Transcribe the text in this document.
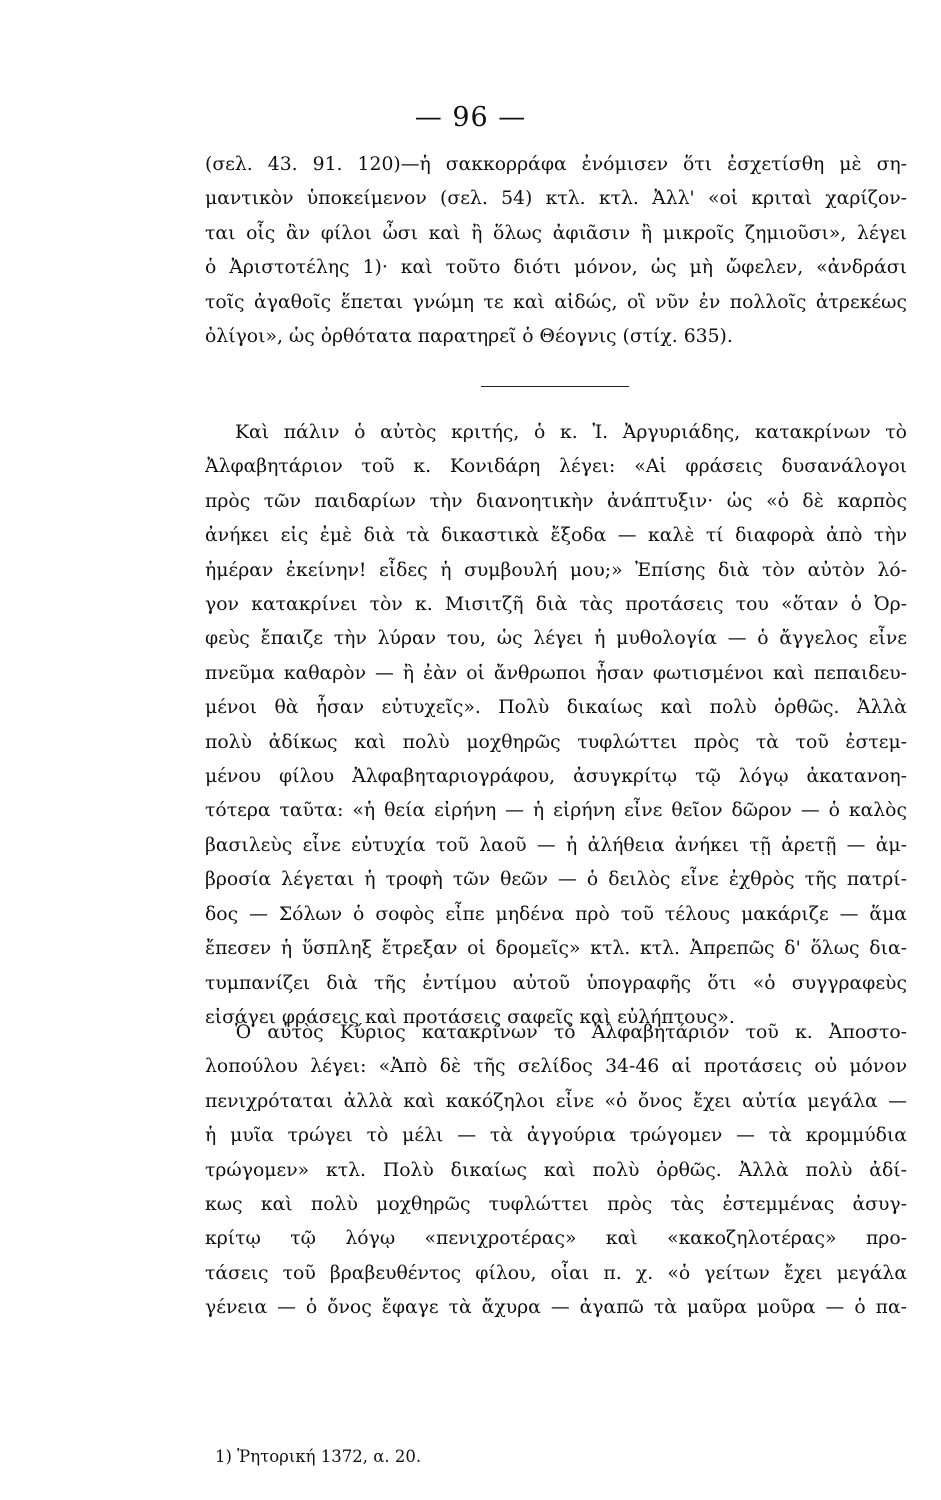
— 96 —
(σελ. 43. 91. 120)—ἡ σακκορράφα ἐνόμισεν ὅτι ἐσχετίσθη μὲ ση-
μαντικὸν ὑποκείμενον (σελ. 54) κτλ. κτλ. Ἀλλ' «οἱ κριταὶ χαρίζον-
ται οἷς ἂν φίλοι ὦσι καὶ ἢ ὅλως ἀφιᾶσιν ἢ μικροῖς ζημιοῦσι», λέγει
ὁ Ἀριστοτέλης 1)· καὶ τοῦτο διότι μόνον, ὡς μὴ ὤφελεν, «ἀνδράσι
τοῖς ἀγαθοῖς ἕπεται γνώμη τε καὶ αἰδώς, οἳ νῦν ἐν πολλοῖς ἀτρεκέως
ὀλίγοι», ὡς ὀρθότατα παρατηρεῖ ὁ Θέογνις (στίχ. 635).
Καὶ πάλιν ὁ αὐτὸς κριτής, ὁ κ. Ἰ. Ἀργυριάδης, κατακρίνων τὸ
Ἀλφαβητάριον τοῦ κ. Κονιδάρη λέγει: «Αἱ φράσεις δυσανάλογοι
πρὸς τῶν παιδαρίων τὴν διανοητικὴν ἀνάπτυξιν· ὡς «ὁ δὲ καρπὸς
ἀνήκει εἰς ἐμὲ διὰ τὰ δικαστικὰ ἔξοδα — καλὲ τί διαφορὰ ἀπὸ τὴν
ἡμέραν ἐκείνην! εἶδες ἡ συμβουλή μου;» Ἐπίσης διὰ τὸν αὐτὸν λό-
γον κατακρίνει τὸν κ. Μισιτζῆ διὰ τὰς προτάσεις του «ὅταν ὁ Ὀρ-
φεὺς ἔπαιζε τὴν λύραν του, ὡς λέγει ἡ μυθολογία — ὁ ἄγγελος εἶνε
πνεῦμα καθαρὸν — ἢ ἐὰν οἱ ἄνθρωποι ἦσαν φωτισμένοι καὶ πεπαιδευ-
μένοι θὰ ἦσαν εὐτυχεῖς». Πολὺ δικαίως καὶ πολὺ ὀρθῶς. Ἀλλὰ
πολὺ ἀδίκως καὶ πολὺ μοχθηρῶς τυφλώττει πρὸς τὰ τοῦ ἐστεμ-
μένου φίλου Ἀλφαβηταριογράφου, ἀσυγκρίτῳ τῷ λόγῳ ἀκατανοη-
τότερα ταῦτα: «ἡ θεία εἰρήνη — ἡ εἰρήνη εἶνε θεῖον δῶρον — ὁ καλὸς
βασιλεὺς εἶνε εὐτυχία τοῦ λαοῦ — ἡ ἀλήθεια ἀνήκει τῇ ἀρετῇ — ἀμ-
βροσία λέγεται ἡ τροφὴ τῶν θεῶν — ὁ δειλὸς εἶνε ἐχθρὸς τῆς πατρί-
δος — Σόλων ὁ σοφὸς εἶπε μηδένα πρὸ τοῦ τέλους μακάριζε — ἅμα
ἔπεσεν ἡ ὕσπληξ ἔτρεξαν οἱ δρομεῖς» κτλ. κτλ. Ἀπρεπῶς δ' ὅλως δια-
τυμπανίζει διὰ τῆς ἐντίμου αὐτοῦ ὑπογραφῆς ὅτι «ὁ συγγραφεὺς
εἰσάγει φράσεις καὶ προτάσεις σαφεῖς καὶ εὐλήπτους».
Ὁ αὐτὸς Κύριος κατακρίνων τὸ Ἀλφαβητάριον τοῦ κ. Ἀποστο-
λοπούλου λέγει: «Ἀπὸ δὲ τῆς σελίδος 34-46 αἱ προτάσεις οὐ μόνον
πενιχρόταται ἀλλὰ καὶ κακόζηλοι εἶνε «ὁ ὄνος ἔχει αὐτία μεγάλα —
ἡ μυῖα τρώγει τὸ μέλι — τὰ ἀγγούρια τρώγομεν — τὰ κρομμύδια
τρώγομεν» κτλ. Πολὺ δικαίως καὶ πολὺ ὀρθῶς. Ἀλλὰ πολὺ ἀδί-
κως καὶ πολὺ μοχθηρῶς τυφλώττει πρὸς τὰς ἐστεμμένας ἀσυγ-
κρίτῳ τῷ λόγῳ «πενιχροτέρας» καὶ «κακοζηλοτέρας» προ-
τάσεις τοῦ βραβευθέντος φίλου, οἷαι π. χ. «ὁ γείτων ἔχει μεγάλα
γένεια — ὁ ὄνος ἔφαγε τὰ ἄχυρα — ἀγαπῶ τὰ μαῦρα μοῦρα — ὁ πα-
1) Ῥητορική 1372, α. 20.
